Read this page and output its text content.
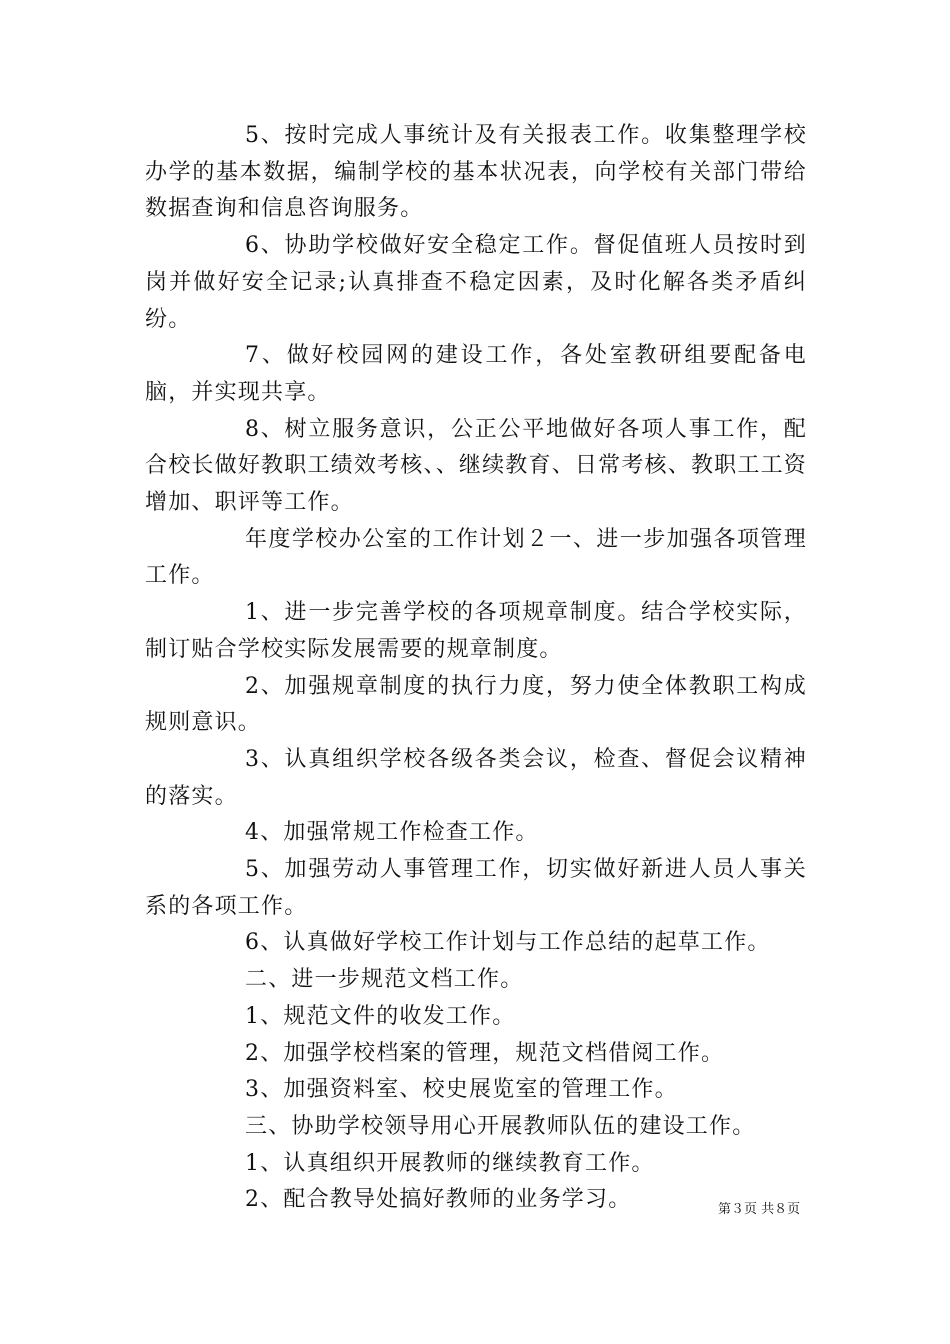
5、按时完成人事统计及有关报表工作。收集整理学校办学的基本数据，编制学校的基本状况表，向学校有关部门带给数据查询和信息咨询服务。

6、协助学校做好安全稳定工作。督促值班人员按时到岗并做好安全记录;认真排查不稳定因素，及时化解各类矛盾纠纷。

7、做好校园网的建设工作，各处室教研组要配备电脑，并实现共享。

8、树立服务意识，公正公平地做好各项人事工作，配合校长做好教职工绩效考核、、继续教育、日常考核、教职工工资增加、职评等工作。

年度学校办公室的工作计划２一、进一步加强各项管理工作。

1、进一步完善学校的各项规章制度。结合学校实际，制订贴合学校实际发展需要的规章制度。

2、加强规章制度的执行力度，努力使全体教职工构成规则意识。

3、认真组织学校各级各类会议，检查、督促会议精神的落实。

4、加强常规工作检查工作。

5、加强劳动人事管理工作，切实做好新进人员人事关系的各项工作。

6、认真做好学校工作计划与工作总结的起草工作。

二、进一步规范文档工作。

1、规范文件的收发工作。

2、加强学校档案的管理，规范文档借阅工作。

3、加强资料室、校史展览室的管理工作。

三、协助学校领导用心开展教师队伍的建设工作。

1、认真组织开展教师的继续教育工作。

2、配合教导处搞好教师的业务学习。	第３页 共８页
